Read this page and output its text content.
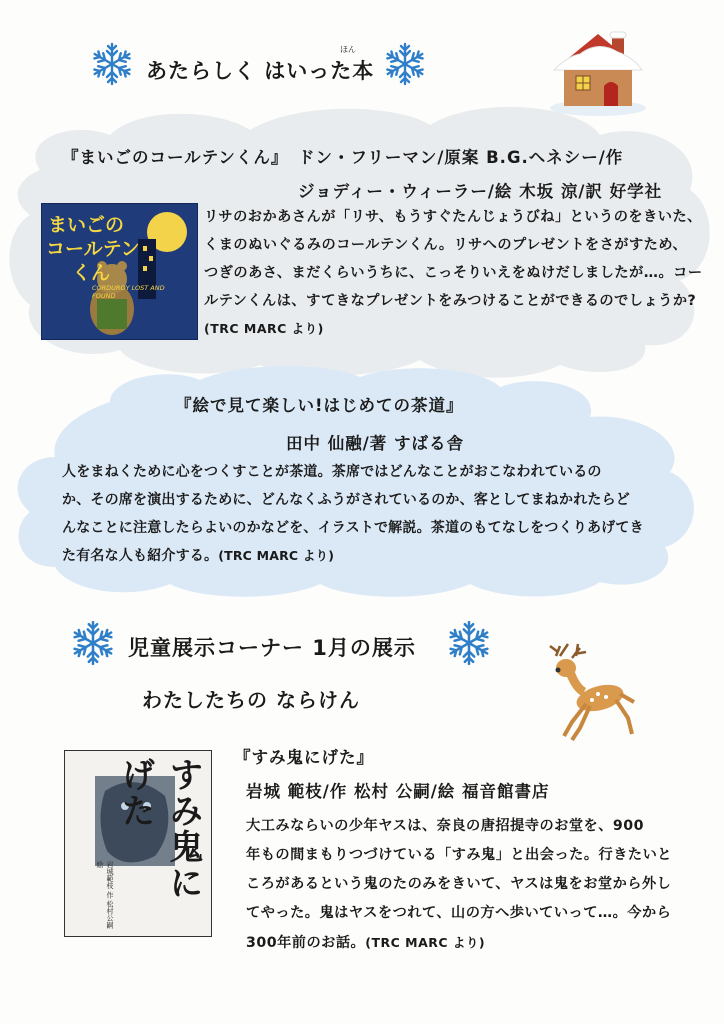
あたらしく はいった本
ほん
『まいごのコールテンくん』 ドン・フリーマン/原案 B.G.ヘネシー/作
ジョディー・ウィーラー/絵 木坂 涼/訳 好学社
まいごの
コールテン
くん
CORDUROY LOST AND FOUND
リサのおかあさんが「リサ、もうすぐたんじょうびね」というのをきいた、
くまのぬいぐるみのコールテンくん。リサへのプレゼントをさがすため、
つぎのあさ、まだくらいうちに、こっそりいえをぬけだしましたが…。コー
ルテンくんは、すてきなプレゼントをみつけることができるのでしょうか?
(TRC MARC より)
『絵で見て楽しい!はじめての茶道』
田中 仙融/著 すばる舎
人をまねくために心をつくすことが茶道。茶席ではどんなことがおこなわれているの
か、その席を演出するために、どんなくふうがされているのか、客としてまねかれたらど
んなことに注意したらよいのかなどを、イラストで解説。茶道のもてなしをつくりあげてき
た有名な人も紹介する。(TRC MARC より)
児童展示コーナー 1月の展示
わたしたちの ならけん
すみ鬼にげた
岩城範枝 作 松村公嗣 絵
『すみ鬼にげた』
岩城 範枝/作 松村 公嗣/絵 福音館書店
大工みならいの少年ヤスは、奈良の唐招提寺のお堂を、900
年もの間まもりつづけている「すみ鬼」と出会った。行きたいと
ころがあるという鬼のたのみをきいて、ヤスは鬼をお堂から外し
てやった。鬼はヤスをつれて、山の方へ歩いていって…。今から
300年前のお話。(TRC MARC より)
